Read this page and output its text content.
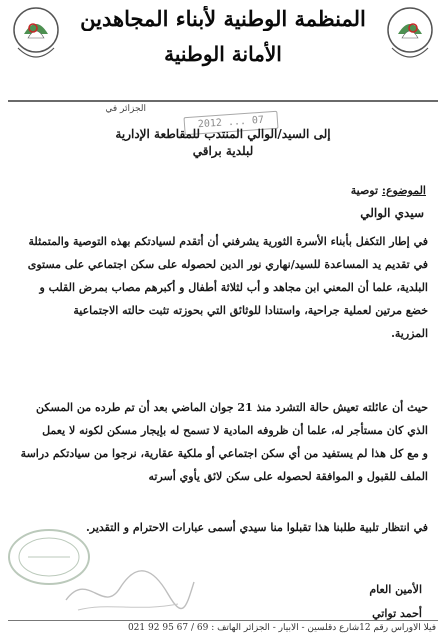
المنظمة الوطنية لأبناء المجاهدين
الأمانة الوطنية
الجزائر في
2012 ... 07
إلى السيد/الوالي المنتدب للمقاطعة الإدارية
لبلدية براقي
الموضوع: توصية
سيدي الوالي
في إطار التكفل بأبناء الأسرة الثورية يشرفني أن أتقدم لسيادتكم بهذه التوصية والمتمثلة
في تقديم يد المساعدة للسيد/نهاري نور الدين لحصوله على سكن اجتماعي على مستوى
البلدية، علما أن المعني ابن مجاهد و أب لثلاثة أطفال و أكبرهم مصاب بمرض القلب و
خضع مرتين لعملية جراحية، واستنادا للوثائق التي بحوزته تثبت حالته الاجتماعية
المزرية.
حيث أن عائلته تعيش حالة التشرد منذ 21 جوان الماضي بعد أن تم طرده من المسكن
الذي كان مستأجر له، علما أن ظروفه المادية لا تسمح له بإيجار مسكن لكونه لا يعمل
و مع كل هذا لم يستفيد من أي سكن اجتماعي أو ملكية عقارية، نرجوا من سيادتكم دراسة
الملف للقبول و الموافقة لحصوله على سكن لائق يأوي أسرته
في انتظار تلبية طلبنا هذا تقبلوا منا سيدي أسمى عبارات الاحترام و التقدير.
الأمين العام
أحمد تواتي
فيلا الأوراس رقم 12شارع دقلسين - الأبيار - الجزائر الهاتف : 69 / 67 95 92 021
